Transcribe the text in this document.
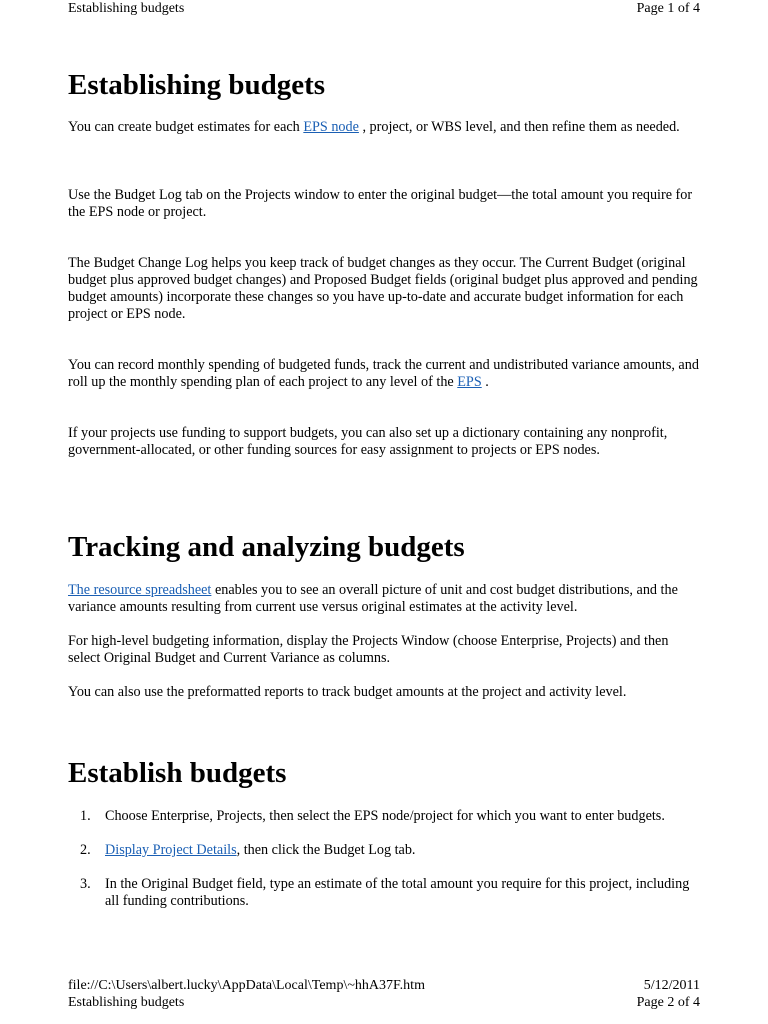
Establishing budgets	Page 1 of 4
Establishing budgets

You can create budget estimates for each EPS node , project, or WBS level, and then refine them as needed.

Use the Budget Log tab on the Projects window to enter the original budget—the total amount you require for the EPS node or project.

The Budget Change Log helps you keep track of budget changes as they occur. The Current Budget (original budget plus approved budget changes) and Proposed Budget fields (original budget plus approved and pending budget amounts) incorporate these changes so you have up-to-date and accurate budget information for each project or EPS node.

You can record monthly spending of budgeted funds, track the current and undistributed variance amounts, and roll up the monthly spending plan of each project to any level of the EPS .

If your projects use funding to support budgets, you can also set up a dictionary containing any nonprofit, government-allocated, or other funding sources for easy assignment to projects or EPS nodes.

Tracking and analyzing budgets

The resource spreadsheet enables you to see an overall picture of unit and cost budget distributions, and the variance amounts resulting from current use versus original estimates at the activity level.

For high-level budgeting information, display the Projects Window (choose Enterprise, Projects) and then select Original Budget and Current Variance as columns.

You can also use the preformatted reports to track budget amounts at the project and activity level.

Establish budgets
1.	Choose Enterprise, Projects, then select the EPS node/project for which you want to enter budgets.
2.	Display Project Details, then click the Budget Log tab.
3.	In the Original Budget field, type an estimate of the total amount you require for this project, including all funding contributions.
file://C:\Users\albert.lucky\AppData\Local\Temp\~hhA37F.htm	5/12/2011
Establishing budgets	Page 2 of 4
